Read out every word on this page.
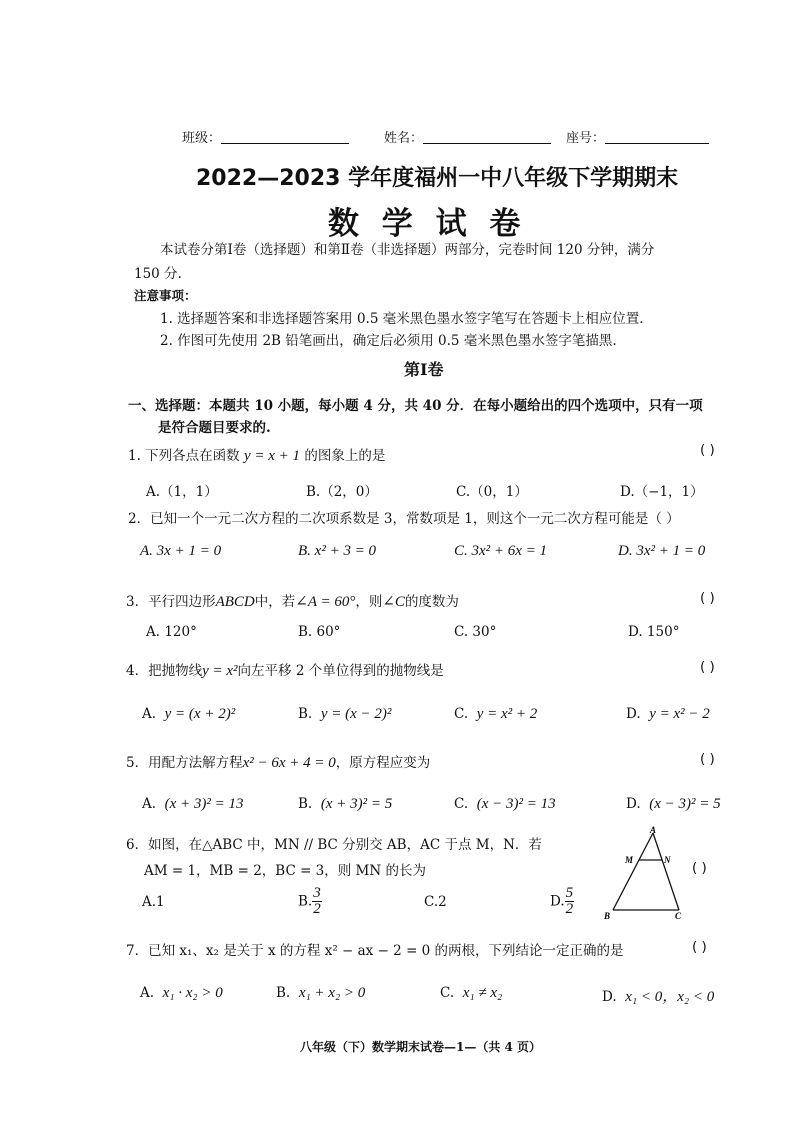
班级：	姓名：	座号：
2022—2023 学年度福州一中八年级下学期期末
数 学 试 卷
本试卷分第Ⅰ卷（选择题）和第Ⅱ卷（非选择题）两部分，完卷时间 120 分钟，满分
150 分.
注意事项：
1. 选择题答案和非选择题答案用 0.5 毫米黑色墨水签字笔写在答题卡上相应位置.
2. 作图可先使用 2B 铅笔画出，确定后必须用 0.5 毫米黑色墨水签字笔描黑.
第Ⅰ卷
一、选择题：本题共 10 小题，每小题 4 分，共 40 分．在每小题给出的四个选项中，只有一项
是符合题目要求的.
1. 下列各点在函数 y = x + 1 的图象上的是	( )
A.（1，1）	B.（2，0）	C.（0，1）	D.（−1，1）
2．已知一个一元二次方程的二次项系数是 3，常数项是 1，则这个一元二次方程可能是（ ）
A. 3x + 1 = 0	B. x² + 3 = 0	C. 3x² + 6x = 1	D. 3x² + 1 = 0
3．平行四边形ABCD中，若∠A = 60°，则∠C的度数为	( )
A. 120°	B. 60°	C. 30°	D. 150°
4．把抛物线y = x²向左平移 2 个单位得到的抛物线是	( )
A. y = (x + 2)²	B. y = (x − 2)²	C. y = x² + 2	D. y = x² − 2
5．用配方法解方程x² − 6x + 4 = 0，原方程应变为	( )
A. (x + 3)² = 13	B. (x + 3)² = 5	C. (x − 3)² = 13	D. (x − 3)² = 5
6．如图，在△ABC 中，MN // BC 分别交 AB，AC 于点 M，N．若
AM = 1，MB = 2，BC = 3，则 MN 的长为	( )
A.1	B. $\frac{3}{2}$	C.2	D. $\frac{5}{2}$
A
M	N
B	C
7．已知 x₁、x₂ 是关于 x 的方程 x² − ax − 2 = 0 的两根，下列结论一定正确的是	( )
A. x₁ · x₂ > 0	B. x₁ + x₂ > 0	C. x₁ ≠ x₂	D. x₁ < 0，x₂ < 0
八年级（下）数学期末试卷—1—（共 4 页）
